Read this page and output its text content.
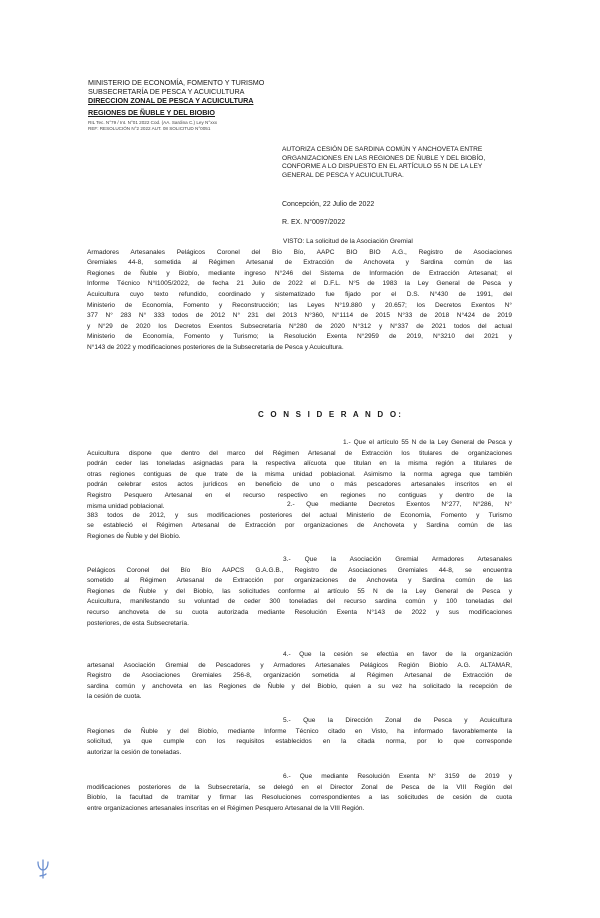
MINISTERIO DE ECONOMÍA, FOMENTO Y TURISMO
SUBSECRETARÍA DE PESCA Y ACUICULTURA
DIRECCION ZONAL DE PESCA Y ACUICULTURA
REGIONES DE ÑUBLE Y DEL BIOBIO
RIL Tec. N°79 / Int. N°01 2022 Cod. (AA. Sardina C.) Ley N°xxx
REF: RESOLUCIÓN N°2 2022 AUT. 08 SOLICITUD N°0051
AUTORIZA CESIÓN DE SARDINA COMÚN Y ANCHOVETA ENTRE
ORGANIZACIONES EN LAS REGIONES DE ÑUBLE Y DEL BIOBÍO,
CONFORME A LO DISPUESTO EN EL ARTÍCULO 55 N DE LA LEY
GENERAL DE PESCA Y ACUICULTURA.
Concepción, 22 Julio de 2022
R. EX. N°0097/2022
VISTO: La solicitud de la Asociación Gremial
Armadores Artesanales Pelágicos Coronel del Bío Bío, AAPC BIO BIO A.G., Registro de Asociaciones
Gremiales 44-8, sometida al Régimen Artesanal de Extracción de Anchoveta y Sardina común de las
Regiones de Ñuble y Biobío, mediante ingreso N°246 del Sistema de Información de Extracción Artesanal; el
Informe Técnico N°I1005/2022, de fecha 21 Julio de 2022 el D.F.L. N°5 de 1983 la Ley General de Pesca y
Acuicultura cuyo texto refundido, coordinado y sistematizado fue fijado por el D.S. N°430 de 1991, del
Ministerio de Economía, Fomento y Reconstrucción; las Leyes N°19.880 y 20.657; los Decretos Exentos N°
377 N° 283 N° 333 todos de 2012 N° 231 del 2013 N°360, N°1114 de 2015 N°33 de 2018 N°424 de 2019
y N°29 de 2020 los Decretos Exentos Subsecretaría N°280 de 2020 N°312 y N°337 de 2021 todos del actual
Ministerio de Economía, Fomento y Turismo; la Resolución Exenta N°2959 de 2019, N°3210 del 2021 y
N°143 de 2022 y modificaciones posteriores de la Subsecretaría de Pesca y Acuicultura.
C O N S I D E R A N D O:
1.- Que el artículo 55 N de la Ley General de Pesca y
Acuicultura dispone que dentro del marco del Régimen Artesanal de Extracción los titulares de organizaciones
podrán ceder las toneladas asignadas para la respectiva alícuota que titulan en la misma región a titulares de
otras regiones contiguas de que trate de la misma unidad poblacional. Asimismo la norma agrega que también
podrán celebrar estos actos jurídicos en beneficio de uno o más pescadores artesanales inscritos en el
Registro Pesquero Artesanal en el recurso respectivo en regiones no contiguas y dentro de la
misma unidad poblacional.	2.- Que mediante Decretos Exentos N°277, N°286, N°
383 todos de 2012, y sus modificaciones posteriores del actual Ministerio de Economía, Fomento y Turismo
se estableció el Régimen Artesanal de Extracción por organizaciones de Anchoveta y Sardina común de las
Regiones de Ñuble y del Biobío.
3.- Que la Asociación Gremial Armadores Artesanales
Pelágicos Coronel del Bío Bío AAPCS G.A.G.B., Registro de Asociaciones Gremiales 44-8, se encuentra
sometido al Régimen Artesanal de Extracción por organizaciones de Anchoveta y Sardina común de las
Regiones de Ñuble y del Biobío, las solicitudes conforme al artículo 55 N de la Ley General de Pesca y
Acuicultura, manifestando su voluntad de ceder 300 toneladas del recurso sardina común y 100 toneladas del
recurso anchoveta de su cuota autorizada mediante Resolución Exenta N°143 de 2022 y sus modificaciones
posteriores, de esta Subsecretaría.
4.- Que la cesión se efectúa en favor de la organización
artesanal Asociación Gremial de Pescadores y Armadores Artesanales Pelágicos Región Biobío A.G. ALTAMAR,
Registro de Asociaciones Gremiales 256-8, organización sometida al Régimen Artesanal de Extracción de
sardina común y anchoveta en las Regiones de Ñuble y del Biobío, quien a su vez ha solicitado la recepción de
la cesión de cuota.
5.- Que la Dirección Zonal de Pesca y Acuicultura
Regiones de Ñuble y del Biobío, mediante Informe Técnico citado en Visto, ha informado favorablemente la
solicitud, ya que cumple con los requisitos establecidos en la citada norma, por lo que corresponde
autorizar la cesión de toneladas.
6.- Que mediante Resolución Exenta N° 3159 de 2019 y
modificaciones posteriores de la Subsecretaría, se delegó en el Director Zonal de Pesca de la VIII Región del
Biobío, la facultad de tramitar y firmar las Resoluciones correspondientes a las solicitudes de cesión de cuota
entre organizaciones artesanales inscritas en el Régimen Pesquero Artesanal de la VIII Región.
